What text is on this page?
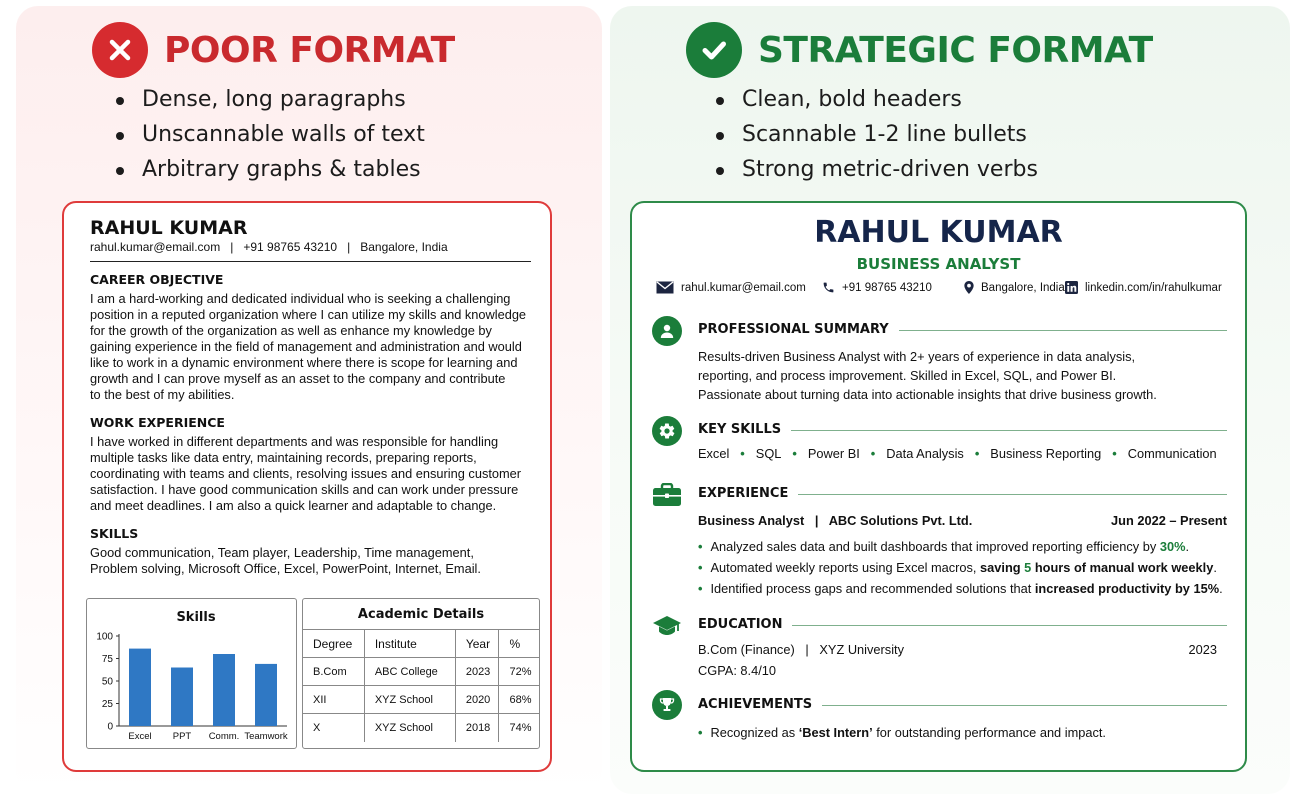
POOR FORMAT
Dense, long paragraphs
Unscannable walls of text
Arbitrary graphs & tables
RAHUL KUMAR
rahul.kumar@email.com   |   +91 98765 43210   |   Bangalore, India
CAREER OBJECTIVE
I am a hard-working and dedicated individual who is seeking a challenging
position in a reputed organization where I can utilize my skills and knowledge
for the growth of the organization as well as enhance my knowledge by
gaining experience in the field of management and administration and would
like to work in a dynamic environment where there is scope for learning and
growth and I can prove myself as an asset to the company and contribute
to the best of my abilities.
WORK EXPERIENCE
I have worked in different departments and was responsible for handling
multiple tasks like data entry, maintaining records, preparing reports,
coordinating with teams and clients, resolving issues and ensuring customer
satisfaction. I have good communication skills and can work under pressure
and meet deadlines. I am also a quick learner and adaptable to change.
SKILLS
Good communication, Team player, Leadership, Time management,
Problem solving, Microsoft Office, Excel, PowerPoint, Internet, Email.
Skills
0
25
50
75
100
Excel PPT Comm. Teamwork
Academic Details
Degree	Institute	Year	%
B.Com	ABC College	2023	72%
XII	XYZ School	2020	68%
X	XYZ School	2018	74%
STRATEGIC FORMAT
Clean, bold headers
Scannable 1-2 line bullets
Strong metric-driven verbs
RAHUL KUMAR
BUSINESS ANALYST
rahul.kumar@email.com	+91 98765 43210	Bangalore, India linkedin.com/in/rahulkumar
PROFESSIONAL SUMMARY
Results-driven Business Analyst with 2+ years of experience in data analysis,
reporting, and process improvement. Skilled in Excel, SQL, and Power BI.
Passionate about turning data into actionable insights that drive business growth.
KEY SKILLS
Excel • SQL • Power BI • Data Analysis • Business Reporting • Communication
EXPERIENCE
Business Analyst | ABC Solutions Pvt. Ltd.	Jun 2022 – Present
• Analyzed sales data and built dashboards that improved reporting efficiency by 30%.
• Automated weekly reports using Excel macros, saving 5 hours of manual work weekly.
• Identified process gaps and recommended solutions that increased productivity by 15%.
EDUCATION
B.Com (Finance)   |   XYZ University	2023
CGPA: 8.4/10
ACHIEVEMENTS
• Recognized as ‘Best Intern’ for outstanding performance and impact.
